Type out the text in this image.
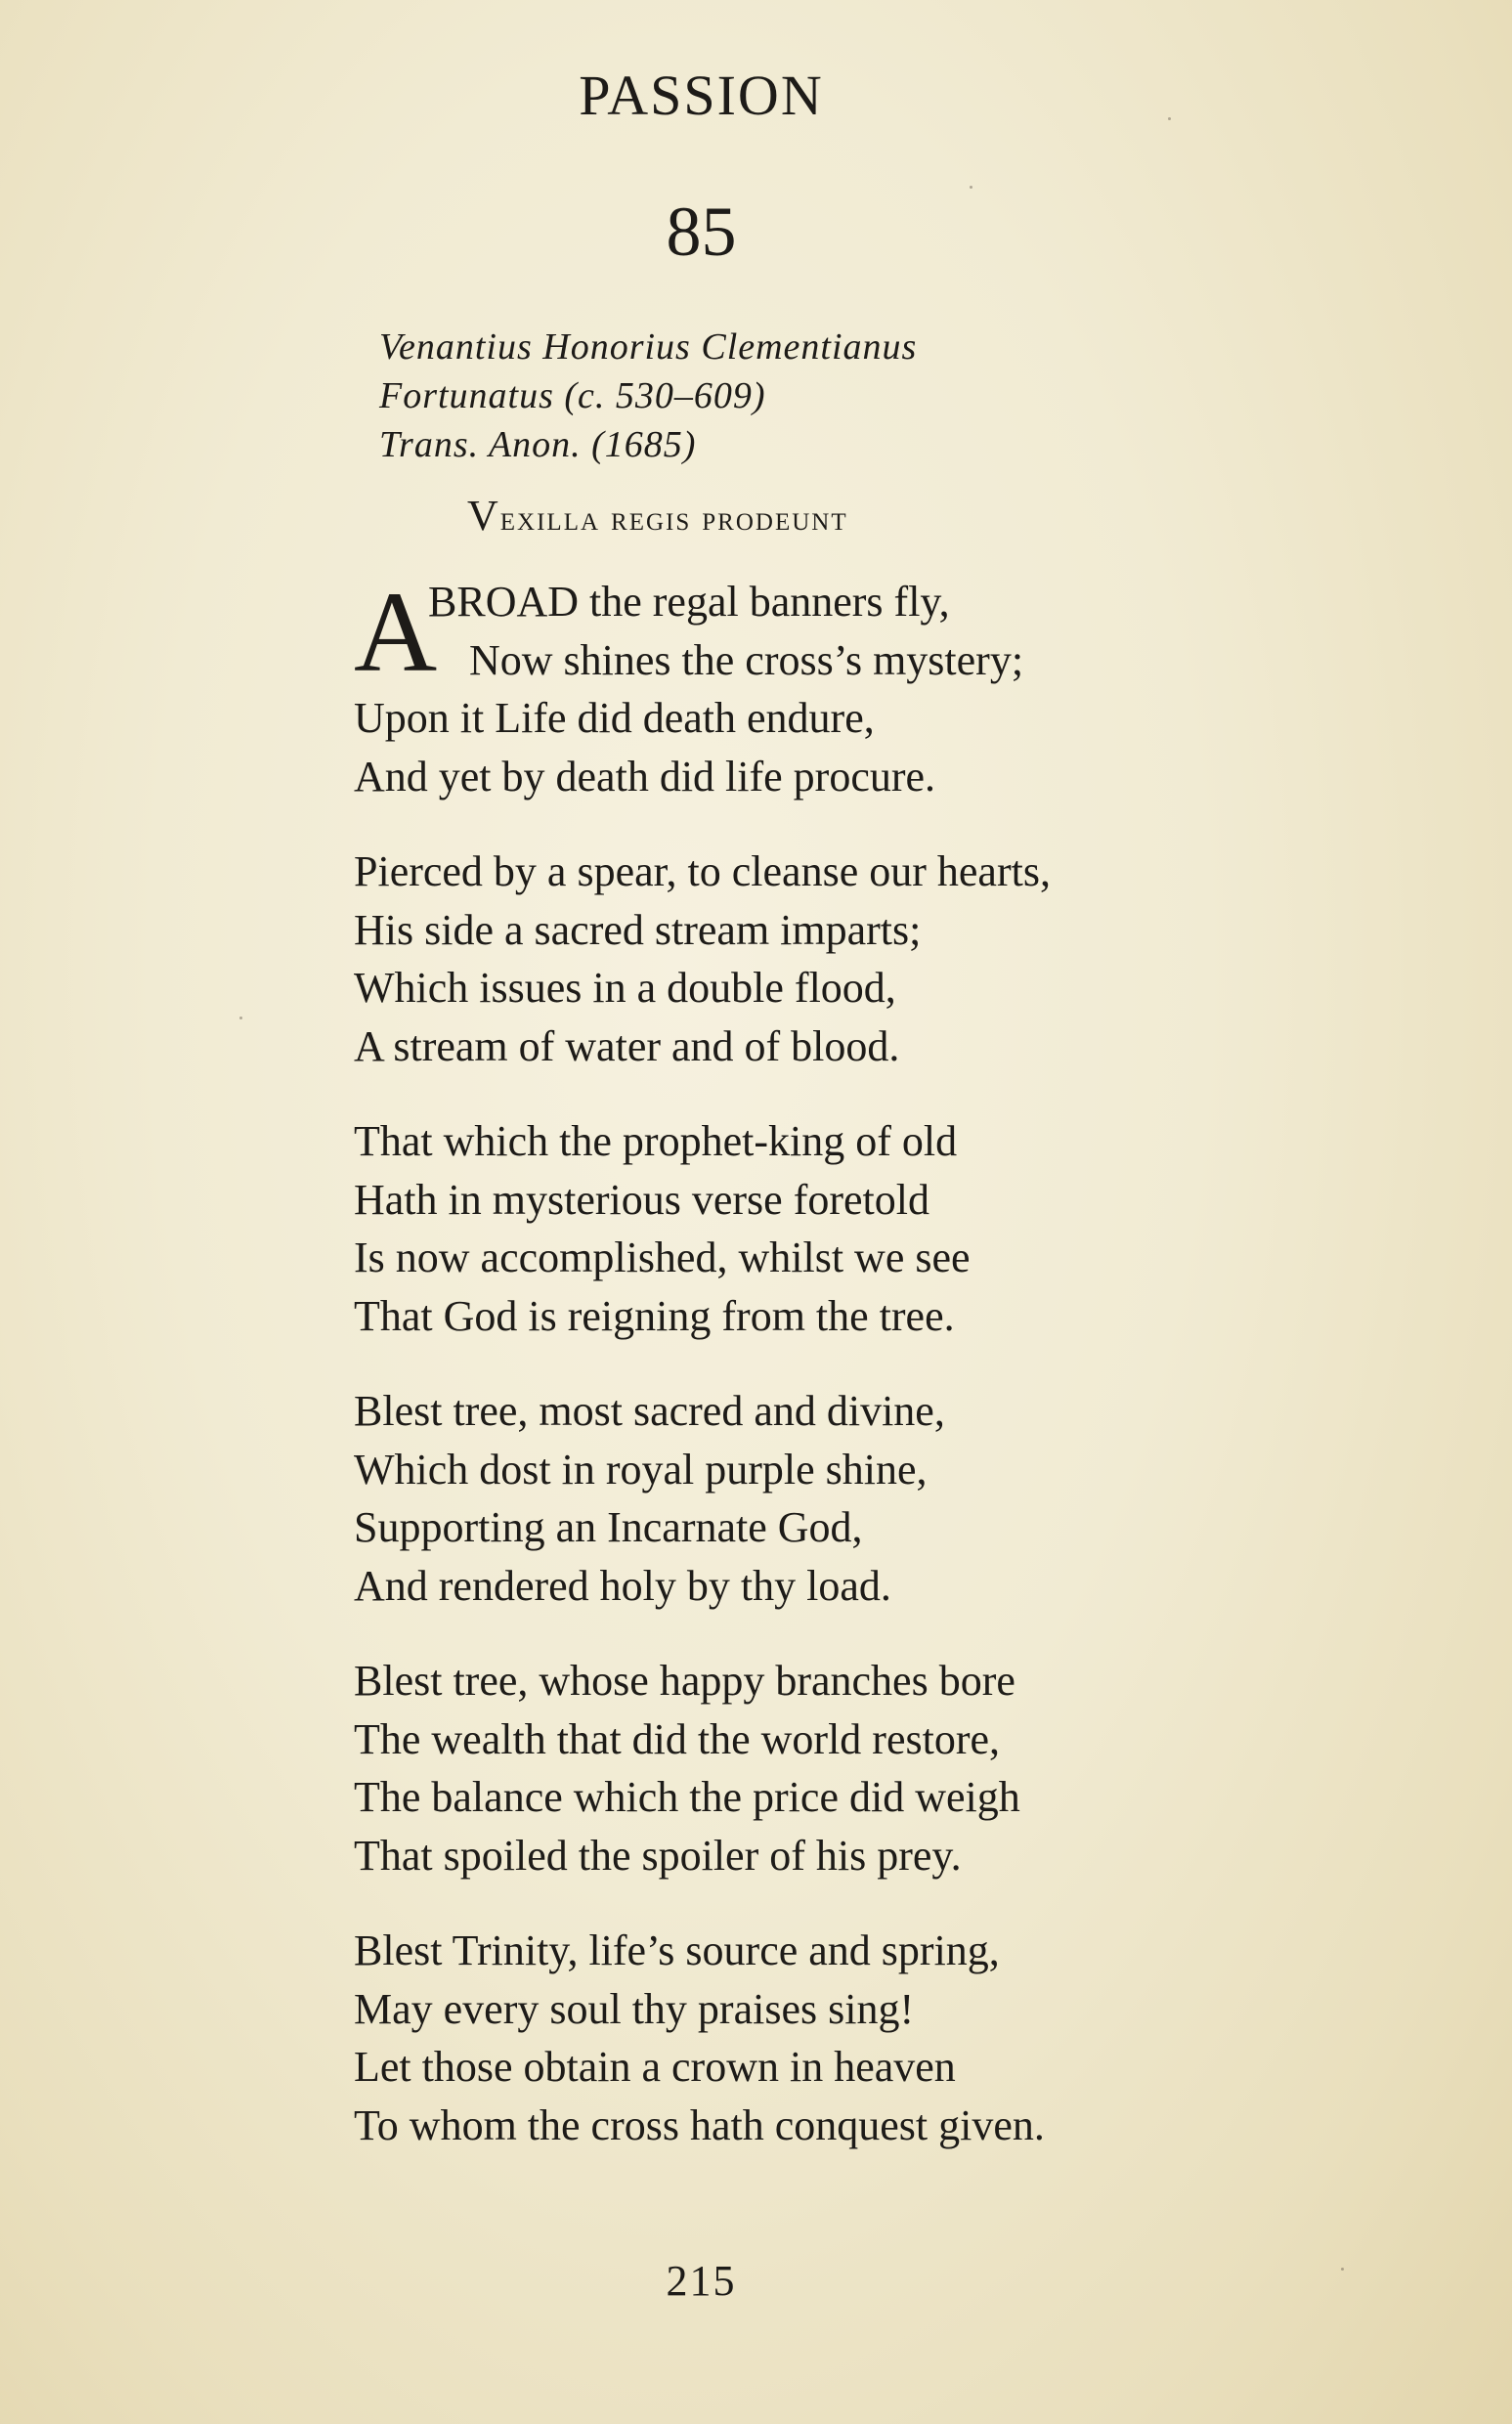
PASSION
85
Venantius Honorius Clementianus
Fortunatus (c. 530–609)
Trans. Anon. (1685)
Vexilla regis prodeunt
A
BROAD the regal banners fly,
Now shines the cross’s mystery;
Upon it Life did death endure,
And yet by death did life procure.
Pierced by a spear, to cleanse our hearts,
His side a sacred stream imparts;
Which issues in a double flood,
A stream of water and of blood.
That which the prophet-king of old
Hath in mysterious verse foretold
Is now accomplished, whilst we see
That God is reigning from the tree.
Blest tree, most sacred and divine,
Which dost in royal purple shine,
Supporting an Incarnate God,
And rendered holy by thy load.
Blest tree, whose happy branches bore
The wealth that did the world restore,
The balance which the price did weigh
That spoiled the spoiler of his prey.
Blest Trinity, life’s source and spring,
May every soul thy praises sing!
Let those obtain a crown in heaven
To whom the cross hath conquest given.
215
